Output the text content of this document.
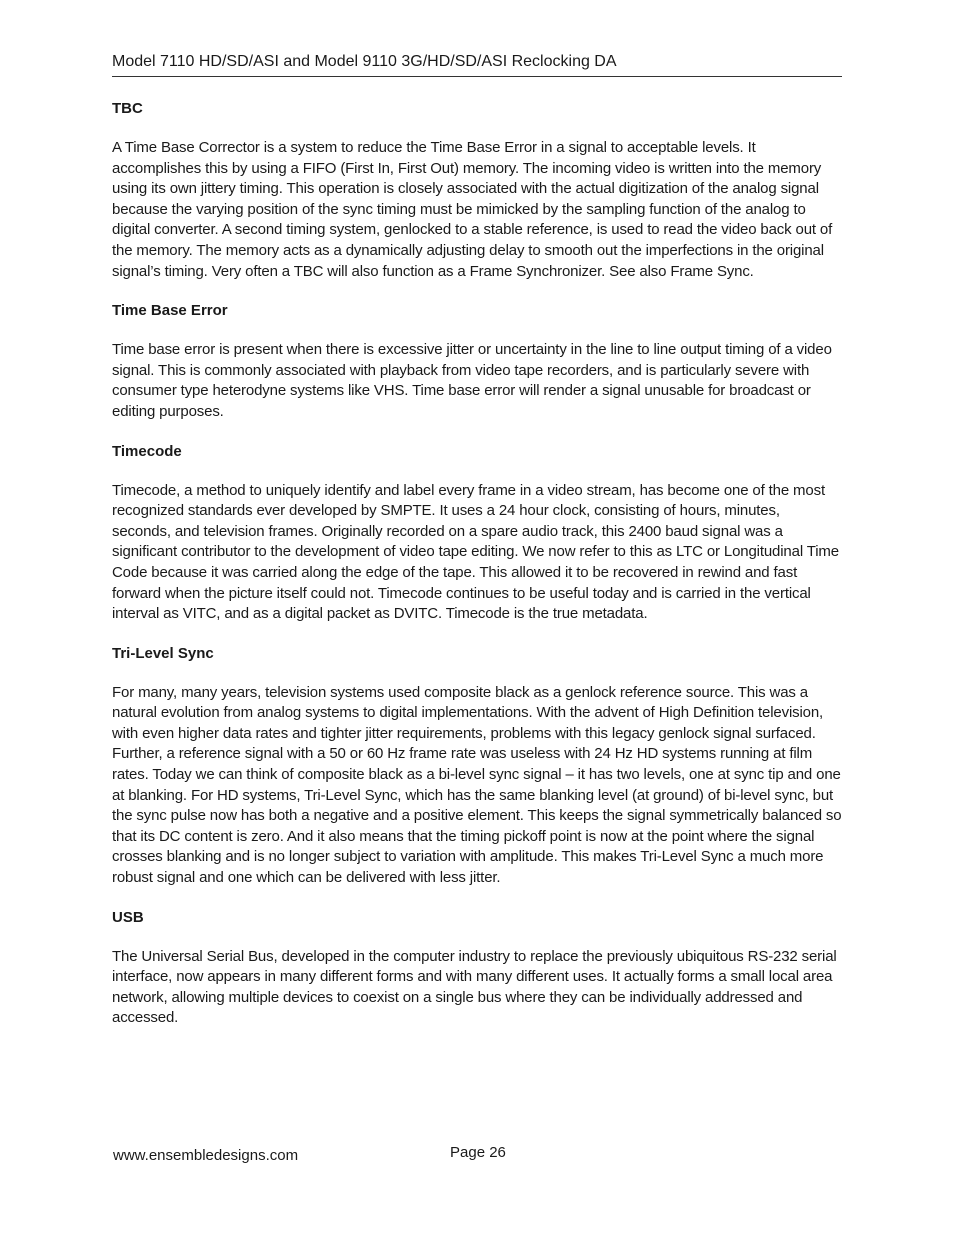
Model 7110 HD/SD/ASI and Model 9110 3G/HD/SD/ASI Reclocking DA
TBC
A Time Base Corrector is a system to reduce the Time Base Error in a signal to acceptable levels. It accomplishes this by using a FIFO (First In, First Out) memory. The incoming video is written into the memory using its own jittery timing. This operation is closely associated with the actual digitization of the analog signal because the varying position of the sync timing must be mimicked by the sampling function of the analog to digital converter. A second timing system, genlocked to a stable reference, is used to read the video back out of the memory. The memory acts as a dynamically adjusting delay to smooth out the imperfections in the original signal’s timing. Very often a TBC will also function as a Frame Synchronizer. See also Frame Sync.
Time Base Error
Time base error is present when there is excessive jitter or uncertainty in the line to line output timing of a video signal. This is commonly associated with playback from video tape recorders, and is particularly severe with consumer type heterodyne systems like VHS. Time base error will render a signal unusable for broadcast or editing purposes.
Timecode
Timecode, a method to uniquely identify and label every frame in a video stream, has become one of the most recognized standards ever developed by SMPTE. It uses a 24 hour clock, consisting of hours, minutes, seconds, and television frames. Originally recorded on a spare audio track, this 2400 baud signal was a significant contributor to the development of video tape editing. We now refer to this as LTC or Longitudinal Time Code because it was carried along the edge of the tape. This allowed it to be recovered in rewind and fast forward when the picture itself could not. Timecode continues to be useful today and is carried in the vertical interval as VITC, and as a digital packet as DVITC. Timecode is the true metadata.
Tri-Level Sync
For many, many years, television systems used composite black as a genlock reference source. This was a natural evolution from analog systems to digital implementations. With the advent of High Definition television, with even higher data rates and tighter jitter requirements, problems with this legacy genlock signal surfaced. Further, a reference signal with a 50 or 60 Hz frame rate was useless with 24 Hz HD systems running at film rates. Today we can think of composite black as a bi-level sync signal – it has two levels, one at sync tip and one at blanking. For HD systems, Tri-Level Sync, which has the same blanking level (at ground) of bi-level sync, but the sync pulse now has both a negative and a positive element. This keeps the signal symmetrically balanced so that its DC content is zero. And it also means that the timing pickoff point is now at the point where the signal crosses blanking and is no longer subject to variation with amplitude. This makes Tri-Level Sync a much more robust signal and one which can be delivered with less jitter.
USB
The Universal Serial Bus, developed in the computer industry to replace the previously ubiquitous RS-232 serial interface, now appears in many different forms and with many different uses. It actually forms a small local area network, allowing multiple devices to coexist on a single bus where they can be individually addressed and accessed.
www.ensembledesigns.com	Page 26
